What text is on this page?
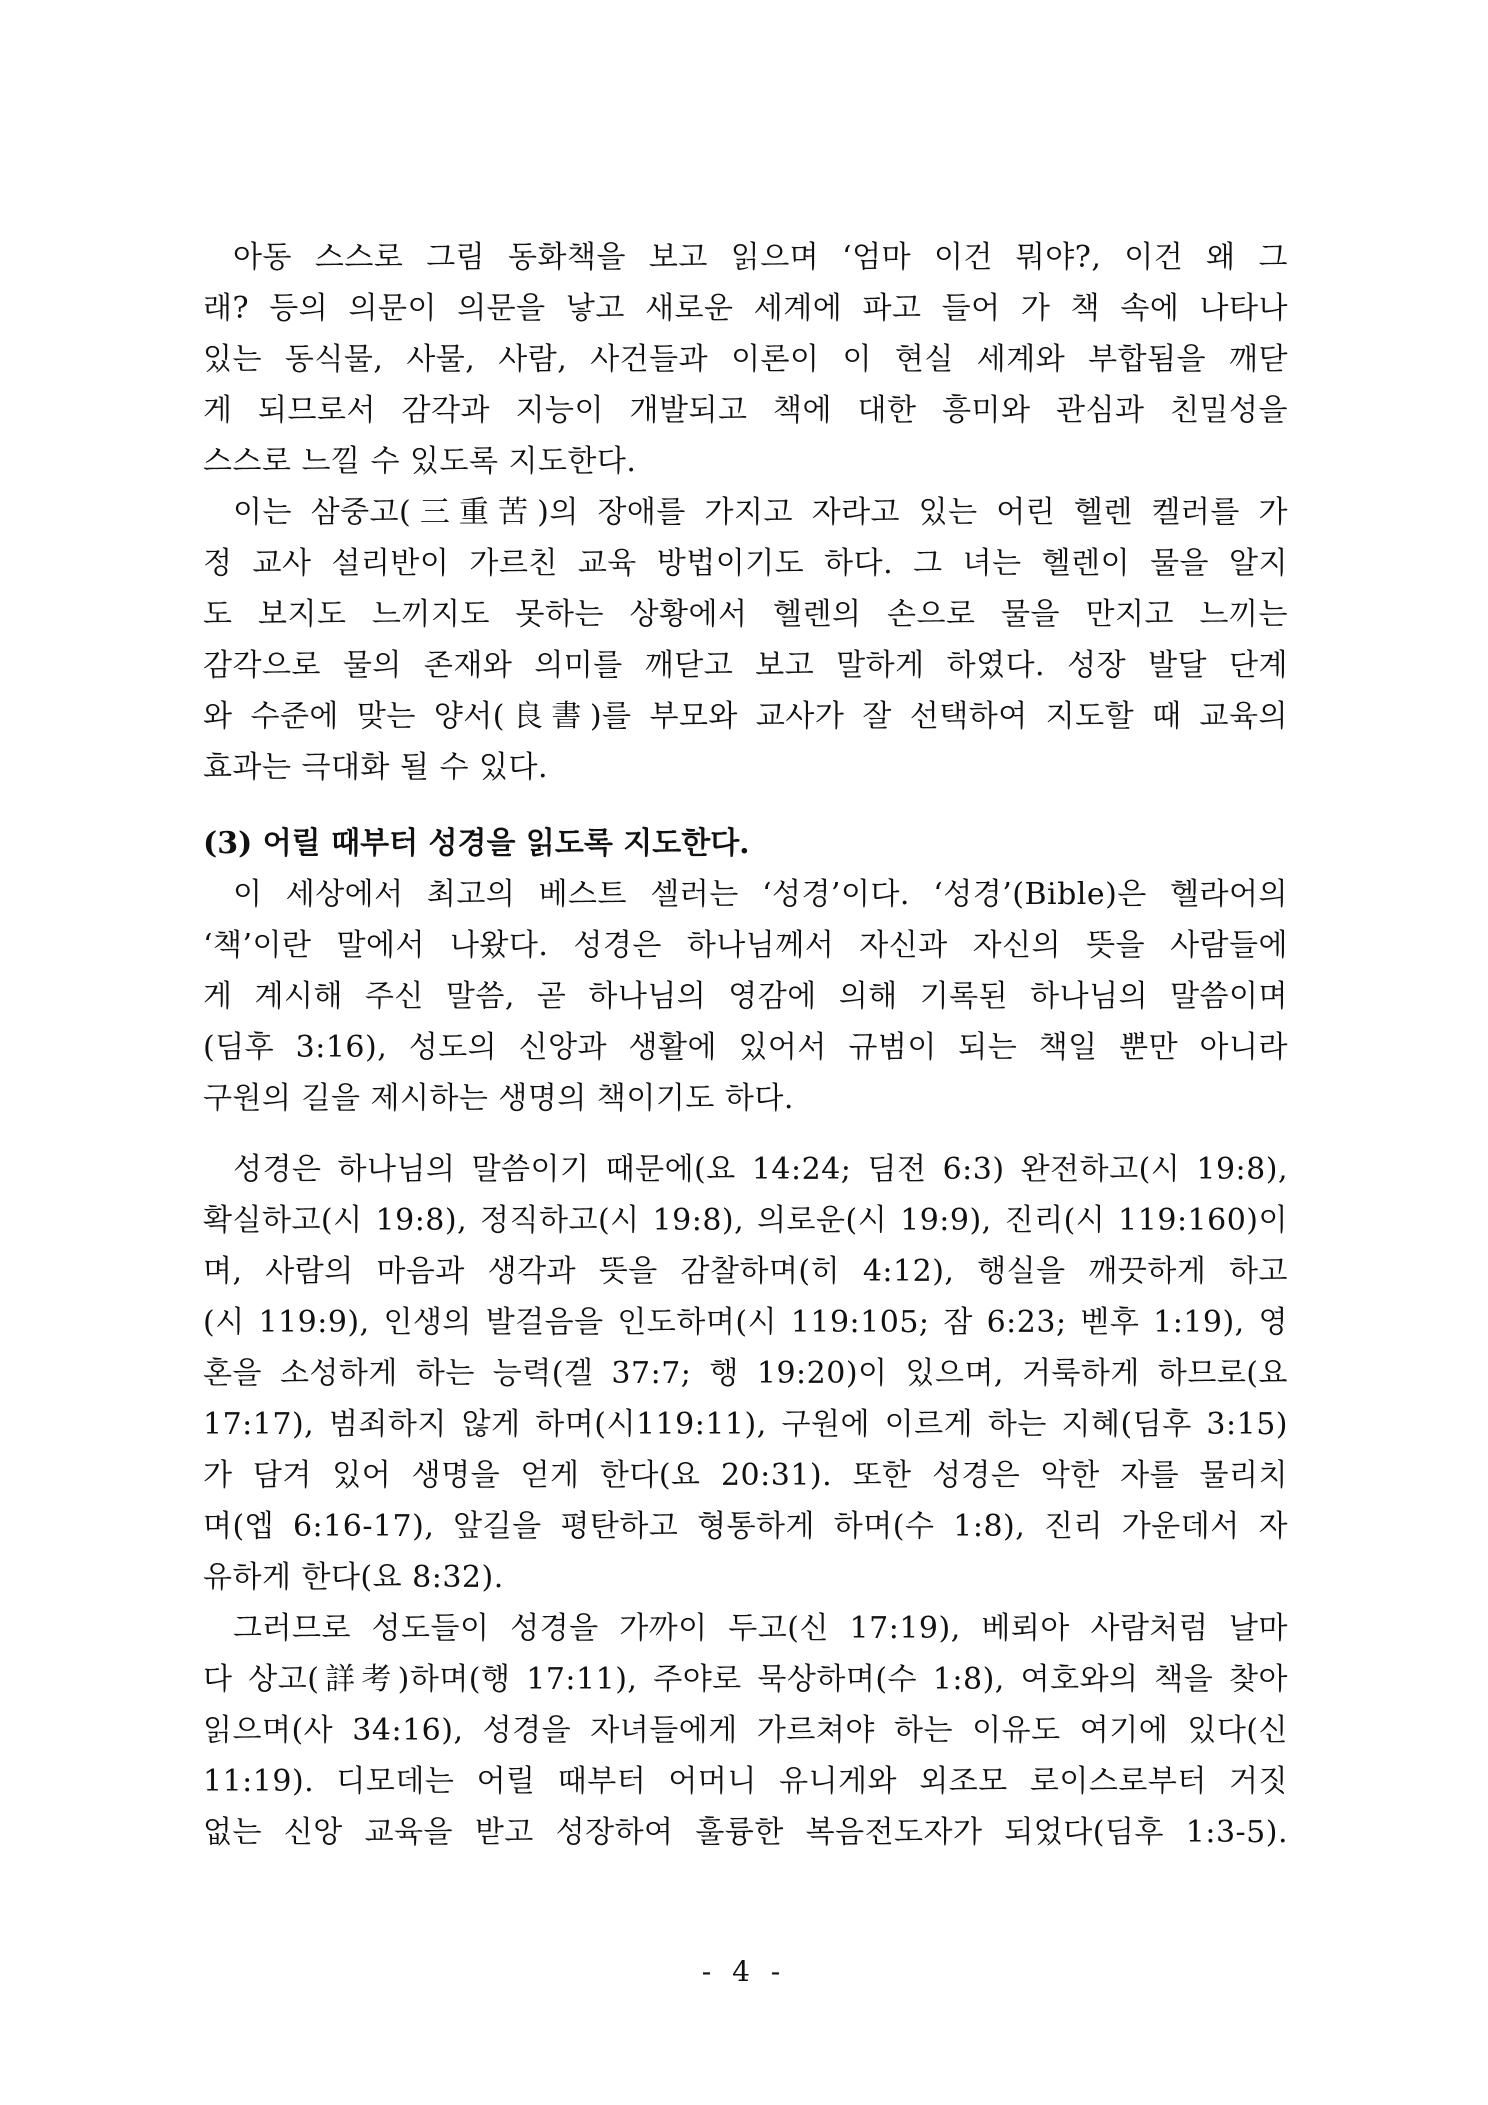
아동 스스로 그림 동화책을 보고 읽으며 ‘엄마 이건 뭐야?, 이건 왜 그
래? 등의 의문이 의문을 낳고 새로운 세계에 파고 들어 가 책 속에 나타나
있는 동식물, 사물, 사람, 사건들과 이론이 이 현실 세계와 부합됨을 깨닫
게 되므로서 감각과 지능이 개발되고 책에 대한 흥미와 관심과 친밀성을
스스로 느낄 수 있도록 지도한다.
이는 삼중고(三重苦)의 장애를 가지고 자라고 있는 어린 헬렌 켈러를 가
정 교사 설리반이 가르친 교육 방법이기도 하다. 그 녀는 헬렌이 물을 알지
도 보지도 느끼지도 못하는 상황에서 헬렌의 손으로 물을 만지고 느끼는
감각으로 물의 존재와 의미를 깨닫고 보고 말하게 하였다. 성장 발달 단계
와 수준에 맞는 양서(良書)를 부모와 교사가 잘 선택하여 지도할 때 교육의
효과는 극대화 될 수 있다.
(3) 어릴 때부터 성경을 읽도록 지도한다.
이 세상에서 최고의 베스트 셀러는 ‘성경’이다. ‘성경’(Bible)은 헬라어의
‘책’이란 말에서 나왔다. 성경은 하나님께서 자신과 자신의 뜻을 사람들에
게 계시해 주신 말씀, 곧 하나님의 영감에 의해 기록된 하나님의 말씀이며
(딤후 3:16), 성도의 신앙과 생활에 있어서 규범이 되는 책일 뿐만 아니라
구원의 길을 제시하는 생명의 책이기도 하다.
성경은 하나님의 말씀이기 때문에(요 14:24; 딤전 6:3) 완전하고(시 19:8),
확실하고(시 19:8), 정직하고(시 19:8), 의로운(시 19:9), 진리(시 119:160)이
며, 사람의 마음과 생각과 뜻을 감찰하며(히 4:12), 행실을 깨끗하게 하고
(시 119:9), 인생의 발걸음을 인도하며(시 119:105; 잠 6:23; 벧후 1:19), 영
혼을 소성하게 하는 능력(겔 37:7; 행 19:20)이 있으며, 거룩하게 하므로(요
17:17), 범죄하지 않게 하며(시119:11), 구원에 이르게 하는 지혜(딤후 3:15)
가 담겨 있어 생명을 얻게 한다(요 20:31). 또한 성경은 악한 자를 물리치
며(엡 6:16-17), 앞길을 평탄하고 형통하게 하며(수 1:8), 진리 가운데서 자
유하게 한다(요 8:32).
그러므로 성도들이 성경을 가까이 두고(신 17:19), 베뢰아 사람처럼 날마
다 상고(詳考)하며(행 17:11), 주야로 묵상하며(수 1:8), 여호와의 책을 찾아
읽으며(사 34:16), 성경을 자녀들에게 가르쳐야 하는 이유도 여기에 있다(신
11:19). 디모데는 어릴 때부터 어머니 유니게와 외조모 로이스로부터 거짓
없는 신앙 교육을 받고 성장하여 훌륭한 복음전도자가 되었다(딤후 1:3-5).
- 4 -
